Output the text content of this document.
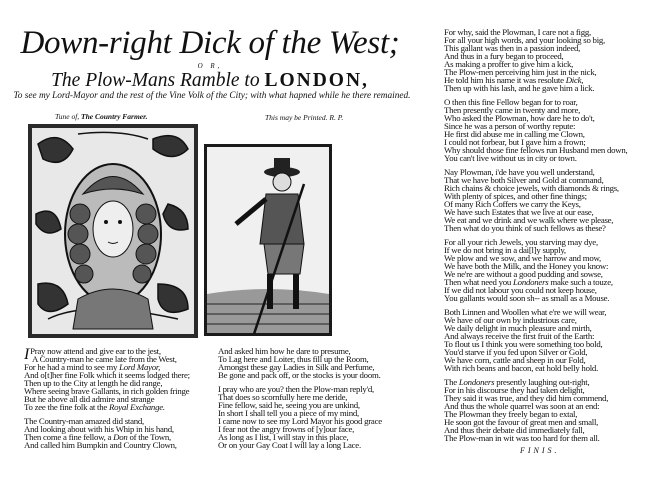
Down-right Dick of the West;
O R,
The Plow-Mans Ramble to LONDON,
To see my Lord-Mayor and the rest of the Vine Volk of the City; with what hapned while he there remained.
Tune of, The Country Farmer.	This may be Printed. R. P.
I Pray now attend and give ear to the jest,
A Country-man he came late from the West,
For he had a mind to see my Lord Mayor,
And o[t]her fine Folk which it seems lodged there;
Then up to the City at length he did range,
Where seeing brave Gallants, in rich golden fringe
But he above all did admire and strange
To zee the fine folk at the Royal Exchange.
The Country-man amazed did stand,
And looking about with his Whip in his hand,
Then come a fine fellow, a Don of the Town,
And called him Bumpkin and Country Clown,
And asked him how he dare to presume,
To Lag here and Loiter, thus fill up the Room,
Amongst these gay Ladies in Silk and Perfume,
Be gone and pack off, or the stocks is your doom.
I pray who are you? then the Plow-man reply'd,
That does so scornfully here me deride,
Fine fellow, said he, seeing you are unkind,
In short I shall tell you a piece of my mind,
I came now to see my Lord Mayor his good grace
I fear not the angry frowns of [y]our face,
As long as I list, I will stay in this place,
Or on your Gay Coat I will lay a long Lace.
For why, said the Plowman, I care not a figg,
For all your high words, and your looking so big,
This gallant was then in a passion indeed,
And thus in a fury began to proceed,
As making a proffer to give him a kick,
The Plow-men perceiving him just in the nick,
He told him his name it was resolute Dick,
Then up with his lash, and he gave him a lick.
O then this fine Fellow began for to roar,
Then presently came in twenty and more,
Who asked the Plowman, how dare he to do't,
Since he was a person of worthy repute:
He first did abuse me in calling me Clown,
I could not forbear, but I gave him a frown;
Why should those fine fellows run Husband men down,
You can't live without us in city or town.
Nay Plowman, i'de have you well understand,
That we have both Silver and Gold at command,
Rich chains & choice jewels, with diamonds & rings,
With plenty of spices, and other fine things;
Of many Rich Coffers we carry the Keys,
We have such Estates that we live at our ease,
We eat and we drink and we walk where we please,
Then what do you think of such fellows as these?
For all your rich Jewels, you starving may dye,
If we do not bring in a dai[l]y supply,
We plow and we sow, and we harrow and mow,
We have both the Milk, and the Honey you know:
We ne're are without a good pudding and sowse,
Then what need you Londoners make such a touze,
If we did not labour you could not keep house,
You gallants would soon sh-- as small as a Mouse.
Both Linnen and Woollen what e're we will wear,
We have of our own by industrious care,
We daily delight in much pleasure and mirth,
And always receive the first fruit of the Earth:
To flout us I think you were something too bold,
You'd starve if you fed upon Silver or Gold,
We have corn, cattle and sheep in our Fold,
With rich beans and bacon, eat hold belly hold.
The Londoners presently laughing out-right,
For in his discourse they had taken delight,
They said it was true, and they did him commend,
And thus the whole quarrel was soon at an end:
The Plowman they freely began to extal,
He soon got the favour of great men and small,
And thus their debate did immediately fall,
The Plow-man in wit was too hard for them all.
FINIS.
